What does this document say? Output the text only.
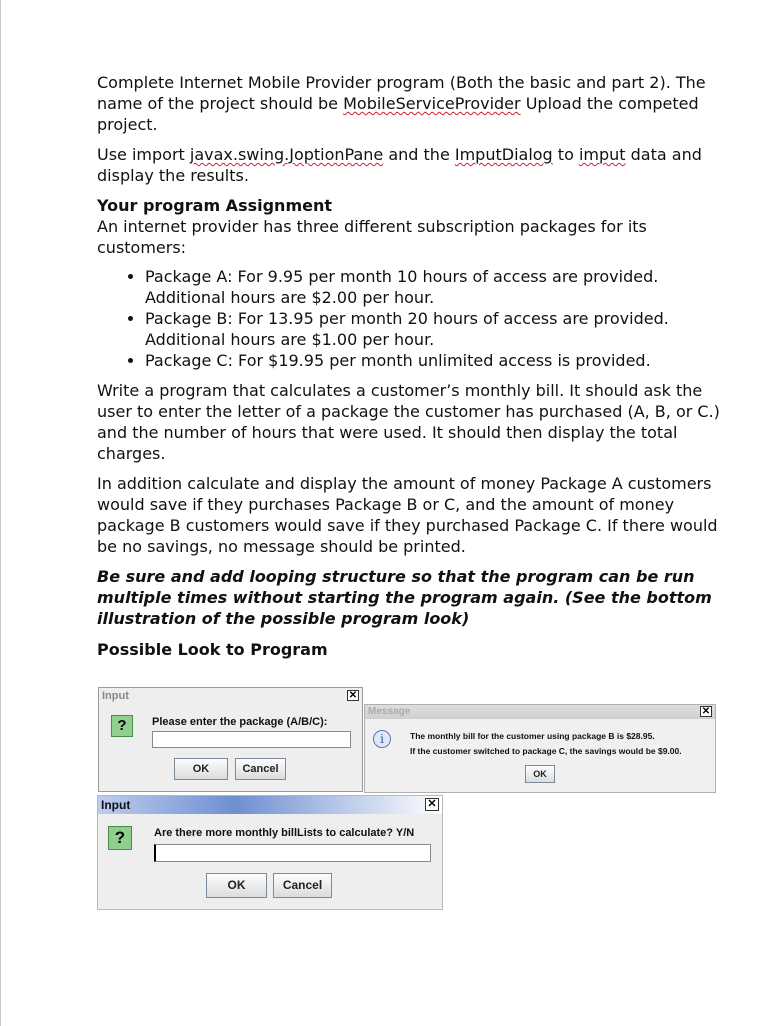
Complete Internet Mobile Provider program (Both the basic and part 2). The name of the project should be MobileServiceProvider Upload the competed project.

Use import javax.swing.JoptionPane and the ImputDialog to imput data and display the results.

Your program Assignment

An internet provider has three different subscription packages for its customers:

• Package A: For 9.95 per month 10 hours of access are provided. Additional hours are $2.00 per hour.
• Package B: For 13.95 per month 20 hours of access are provided. Additional hours are $1.00 per hour.
• Package C: For $19.95 per month unlimited access is provided.

Write a program that calculates a customer’s monthly bill. It should ask the user to enter the letter of a package the customer has purchased (A, B, or C.) and the number of hours that were used. It should then display the total charges.

In addition calculate and display the amount of money Package A customers would save if they purchases Package B or C, and the amount of money package B customers would save if they purchased Package C. If there would be no savings, no message should be printed.

Be sure and add looping structure so that the program can be run multiple times without starting the program again. (See the bottom illustration of the possible program look)

Possible Look to Program

Input	✕
?	Please enter the package (A/B/C):
OK	Cancel
Message	✕
i	The monthly bill for the customer using package B is $28.95.
If the customer switched to package C, the savings would be $9.00.
OK
Input	✕
?	Are there more monthly billLists to calculate? Y/N
OK	Cancel
